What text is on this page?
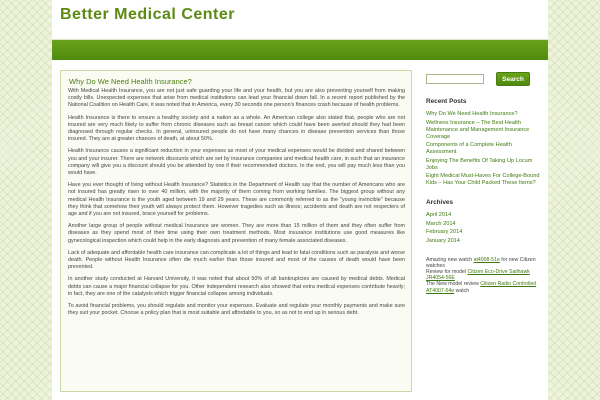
Better Medical Center
Why Do We Need Health Insurance?

With Medical Health Insurance, you are not just safe guarding your life and your health, but you are also preventing yourself from making costly bills. Unexpected expenses that arise from medical institutions can lead your financial down fall. In a recent report published by the National Coalition on Health Care, it was noted that in America, every 30 seconds one person's finances crash because of health problems.

Health Insurance is there to ensure a healthy society and a nation as a whole. An American college also stated that, people who are not insured are very much likely to suffer from chronic diseases such as breast cancer which could have been averted should they had been diagnosed through regular checks. In general, uninsured people do not have many chances in disease prevention services than those insured. They are at greater chances of death, at about 50%.

Health Insurance causes a significant reduction in your expenses as most of your medical expenses would be divided and shared between you and your insurer. There are network discounts which are set by insurance companies and medical health care, in such that an insurance company will give you a discount should you be attended by one if their recommended doctors. In the end, you will pay much less than you would have.

Have you ever thought of living without Health Insurance? Statistics in the Department of Health say that the number of Americans who are not insured has greatly risen to over 40 million, with the majority of them coming from working families. The biggest group without any medical Health Insurance is the youth aged between 19 and 29 years. These are commonly referred to as the "young invincible" because they think that somehow their youth will always protect them. However tragedies such as illness; accidents and death are not respecters of age and if you are not insured, brace yourself for problems.

Another large group of people without medical Insurance are women. They are more than 15 million of them and they often suffer from diseases as they spend most of their time using their own treatment methods. Most insurance institutions use good measures like gynecological inspection which could help in the early diagnosis and prevention of many female associated diseases.

Lack of adequate and affordable health care insurance can complicate a lot of things and lead to fatal conditions such as paralysis and worse death. People without Health Insurance often die much earlier than those insured and most of the causes of death would have been prevented.

In another study conducted at Harvard University, it was noted that about 50% of all bankruptcies are caused by medical debts. Medical debts can cause a major financial collapse for you. Other independent research also showed that extra medical expenses contribute heavily; in fact, they are one of the catalysts which trigger financial collapse among individuals.

To avoid financial problems, you should regulate and monitor your expenses. Evaluate and regulate your monthly payments and make sure they suit your pocket. Choose a policy plan that is most suitable and affordable to you, so as not to end up in serious debt.

Search
Recent Posts
Why Do We Need Health Insurance?
Wellness Insurance – The Best Health Maintenance and Management Insurance Coverage
Components of a Complete Health Assessment
Enjoying The Benefits Of Taking Up Locum Jobs
Eight Medical Must-Haves For College-Bound Kids – Has Your Child Packed These Items?
Archives
April 2014
March 2014
February 2014
January 2014
Amazing new watch at4008-51e for new Citizen watches
Review for model Citizen Eco-Drive Sailhawk JR4054-56E
The New model review Citizen Radio Controlled AT4007-54e watch
